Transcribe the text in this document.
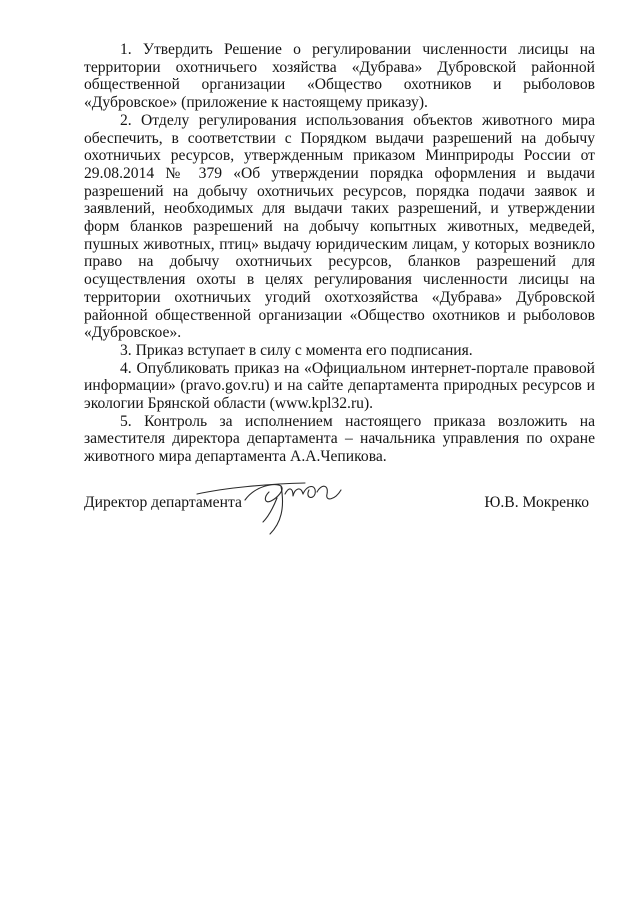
1. Утвердить Решение о регулировании численности лисицы на территории охотничьего хозяйства «Дубрава» Дубровской районной общественной организации «Общество охотников и рыболовов «Дубровское» (приложение к настоящему приказу).

2. Отделу регулирования использования объектов животного мира обеспечить, в соответствии с Порядком выдачи разрешений на добычу охотничьих ресурсов, утвержденным приказом Минприроды России от 29.08.2014 № 379 «Об утверждении порядка оформления и выдачи разрешений на добычу охотничьих ресурсов, порядка подачи заявок и заявлений, необходимых для выдачи таких разрешений, и утверждении форм бланков разрешений на добычу копытных животных, медведей, пушных животных, птиц» выдачу юридическим лицам, у которых возникло право на добычу охотничьих ресурсов, бланков разрешений для осуществления охоты в целях регулирования численности лисицы на территории охотничьих угодий охотхозяйства «Дубрава» Дубровской районной общественной организации «Общество охотников и рыболовов «Дубровское».

3. Приказ вступает в силу с момента его подписания.

4. Опубликовать приказ на «Официальном интернет-портале правовой информации» (pravo.gov.ru) и на сайте департамента природных ресурсов и экологии Брянской области (www.kpl32.ru).

5. Контроль за исполнением настоящего приказа возложить на заместителя директора департамента – начальника управления по охране животного мира департамента А.А.Чепикова.

Директор департамента	Ю.В. Мокренко
